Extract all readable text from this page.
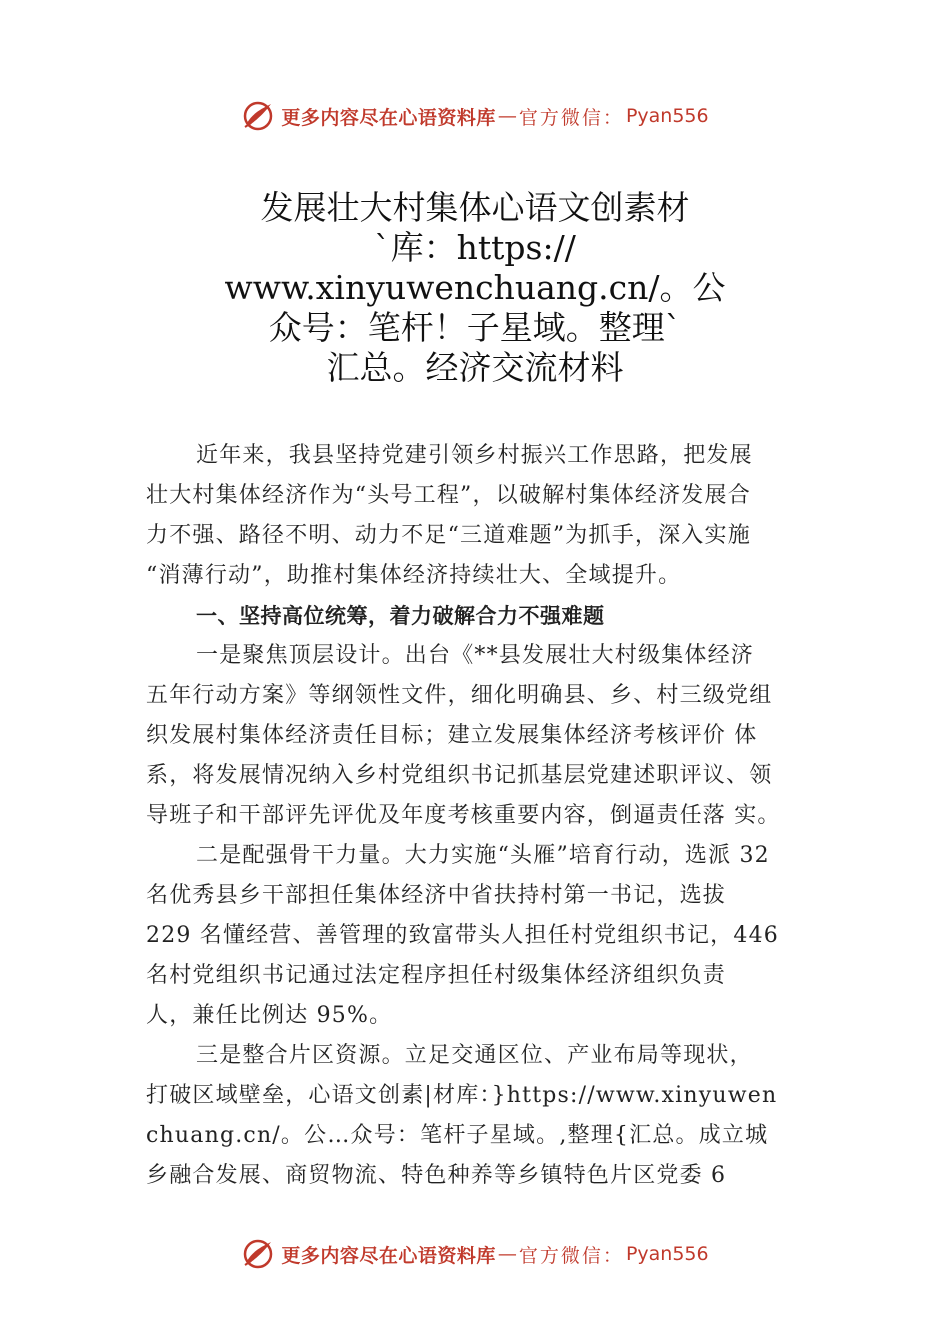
更多内容尽在心语资料库 — 官方微信： Pyan556
发展壮大村集体心语文创素材
`库：https://
www.xinyuwenchuang.cn/。公
众号：笔杆！子星域。整理`
汇总。经济交流材料

近年来，我县坚持党建引领乡村振兴工作思路，把发展

壮大村集体经济作为“头号工程”，以破解村集体经济发展合

力不强、路径不明、动力不足“三道难题”为抓手，深入实施

“消薄行动”，助推村集体经济持续壮大、全域提升。

一、坚持高位统筹，着力破解合力不强难题

一是聚焦顶层设计。出台《**县发展壮大村级集体经济

五年行动方案》等纲领性文件，细化明确县、乡、村三级党组

织发展村集体经济责任目标；建立发展集体经济考核评价 体

系，将发展情况纳入乡村党组织书记抓基层党建述职评议、领

导班子和干部评先评优及年度考核重要内容，倒逼责任落 实。

二是配强骨干力量。大力实施“头雁”培育行动，选派 32

名优秀县乡干部担任集体经济中省扶持村第一书记，选拔

229 名懂经营、善管理的致富带头人担任村党组织书记，446

名村党组织书记通过法定程序担任村级集体经济组织负责

人，兼任比例达 95%。

三是整合片区资源。立足交通区位、产业布局等现状，

打破区域壁垒，心语文创素|材库：}https://www.xinyuwen

chuang.cn/。公…众号：笔杆子星域。,整理{汇总。成立城

乡融合发展、商贸物流、特色种养等乡镇特色片区党委 6

更多内容尽在心语资料库 — 官方微信： Pyan556
